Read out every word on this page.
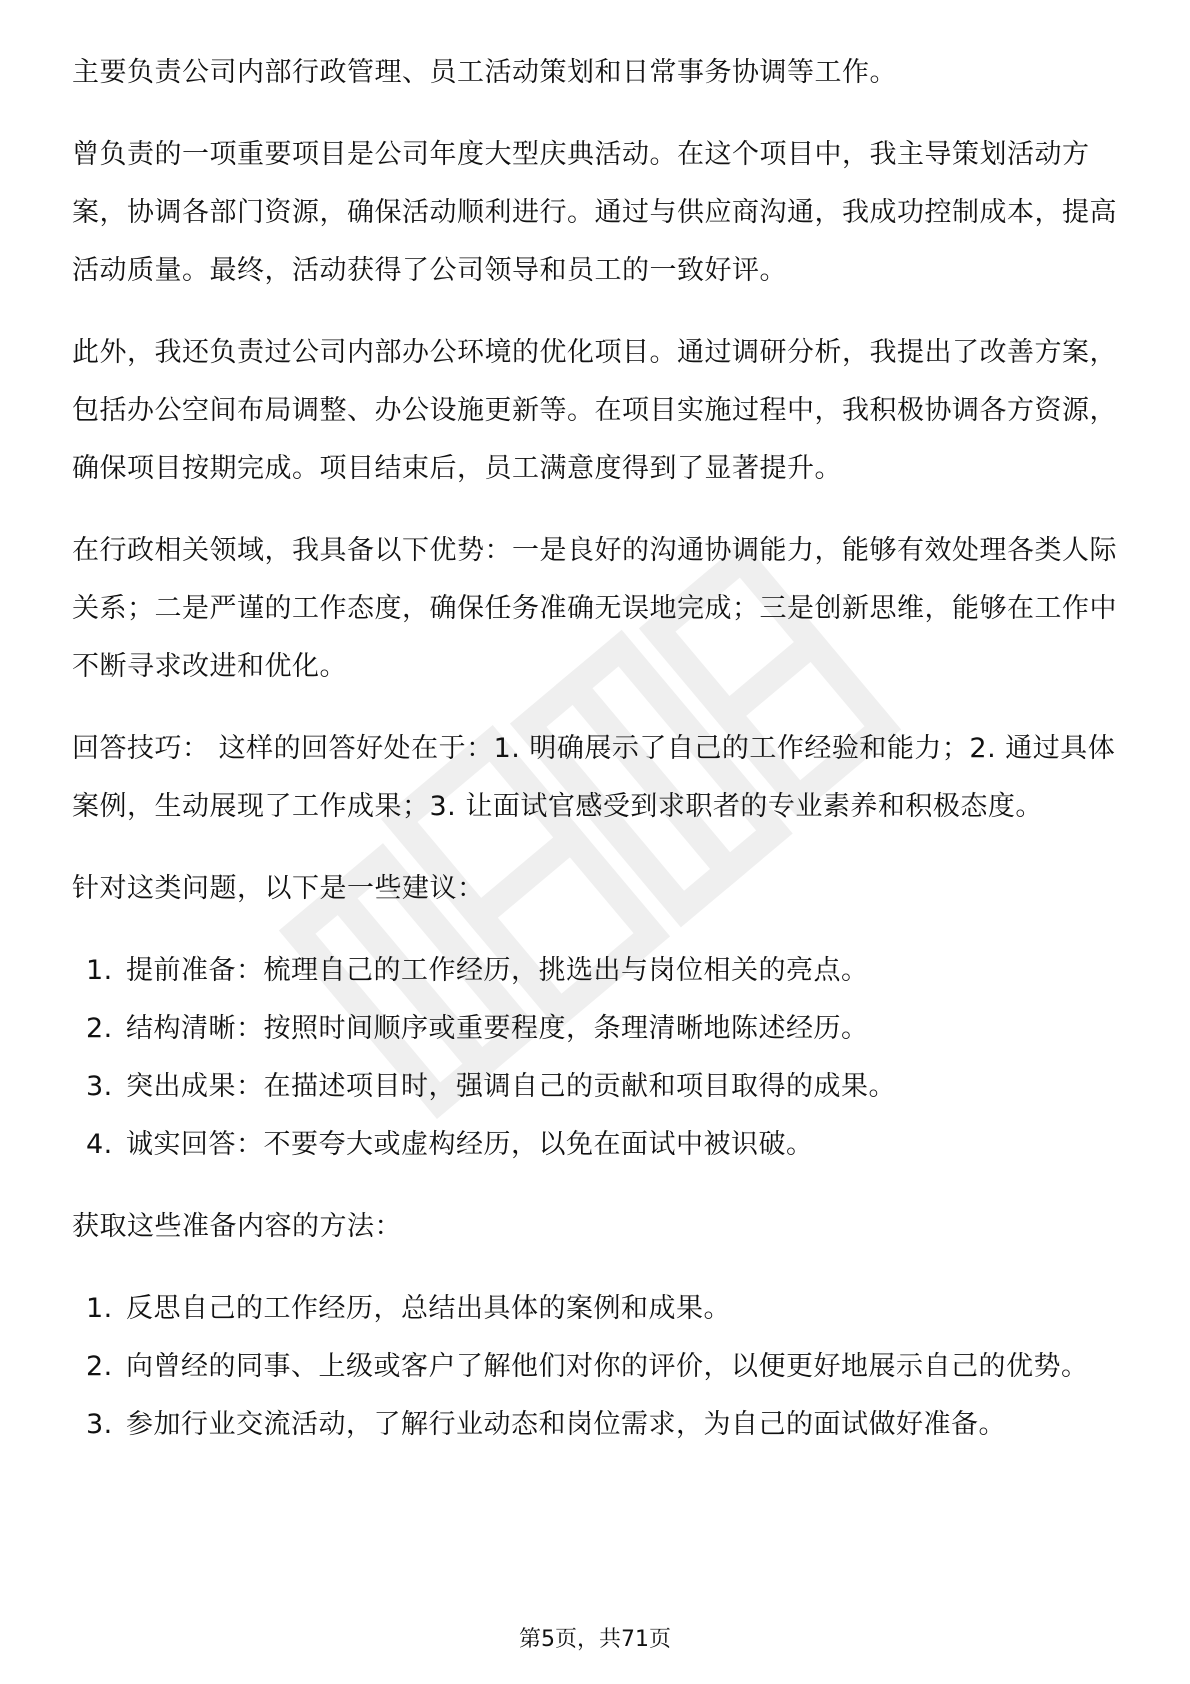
主要负责公司内部行政管理、员工活动策划和日常事务协调等工作。

曾负责的一项重要项目是公司年度大型庆典活动。在这个项目中，我主导策划活动方案，协调各部门资源，确保活动顺利进行。通过与供应商沟通，我成功控制成本，提高活动质量。最终，活动获得了公司领导和员工的一致好评。

此外，我还负责过公司内部办公环境的优化项目。通过调研分析，我提出了改善方案，包括办公空间布局调整、办公设施更新等。在项目实施过程中，我积极协调各方资源，确保项目按期完成。项目结束后，员工满意度得到了显著提升。

在行政相关领域，我具备以下优势：一是良好的沟通协调能力，能够有效处理各类人际关系；二是严谨的工作态度，确保任务准确无误地完成；三是创新思维，能够在工作中不断寻求改进和优化。

回答技巧： 这样的回答好处在于：1. 明确展示了自己的工作经验和能力；2. 通过具体案例，生动展现了工作成果；3. 让面试官感受到求职者的专业素养和积极态度。

针对这类问题，以下是一些建议：

1. 提前准备：梳理自己的工作经历，挑选出与岗位相关的亮点。
2. 结构清晰：按照时间顺序或重要程度，条理清晰地陈述经历。
3. 突出成果：在描述项目时，强调自己的贡献和项目取得的成果。
4. 诚实回答：不要夸大或虚构经历，以免在面试中被识破。

获取这些准备内容的方法：

1. 反思自己的工作经历，总结出具体的案例和成果。
2. 向曾经的同事、上级或客户了解他们对你的评价，以便更好地展示自己的优势。
3. 参加行业交流活动，了解行业动态和岗位需求，为自己的面试做好准备。
第5页，共71页
